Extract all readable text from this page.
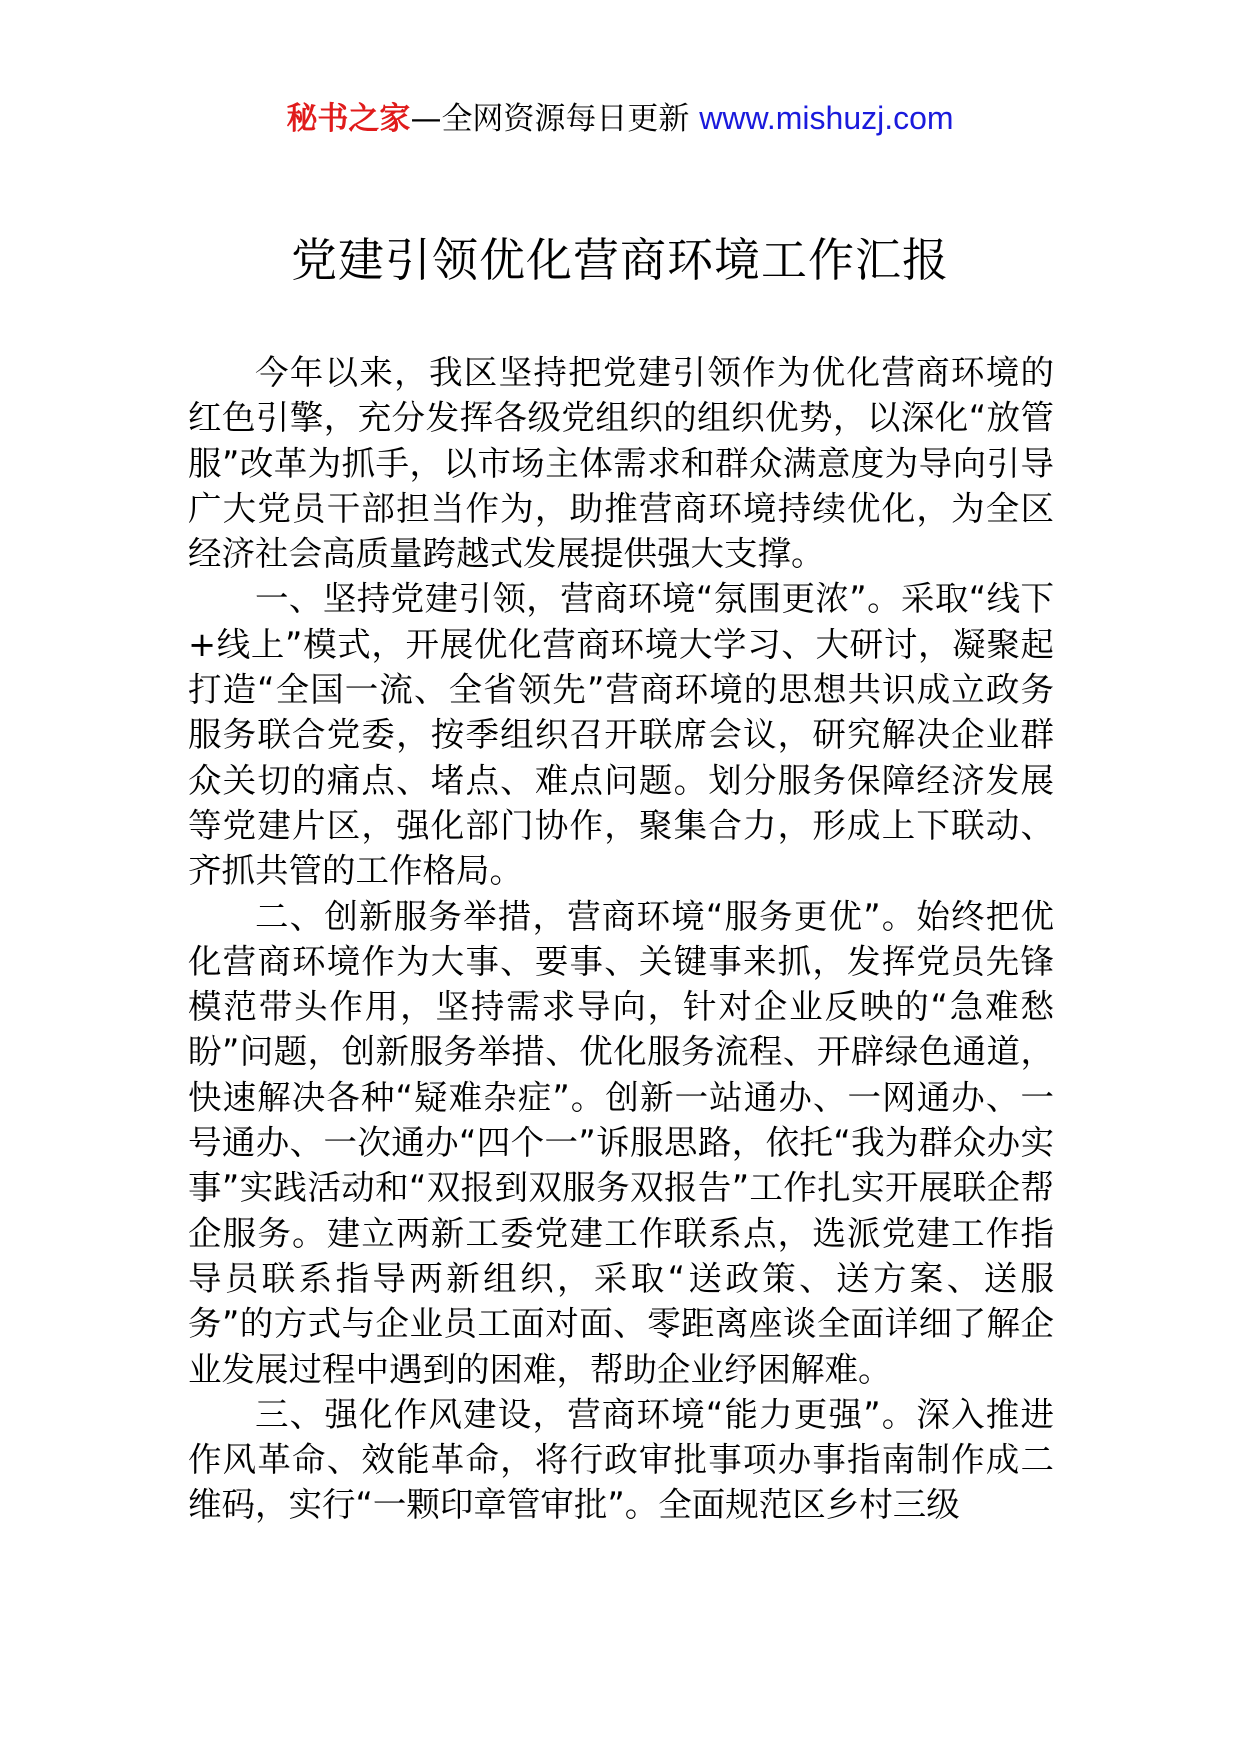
秘书之家—全网资源每日更新 www.mishuzj.com
党建引领优化营商环境工作汇报

今年以来，我区坚持把党建引领作为优化营商环境的红色引擎，充分发挥各级党组织的组织优势，以深化“放管服”改革为抓手，以市场主体需求和群众满意度为导向引导广大党员干部担当作为，助推营商环境持续优化，为全区经济社会高质量跨越式发展提供强大支撑。

一、坚持党建引领，营商环境“氛围更浓”。采取“线下+线上”模式，开展优化营商环境大学习、大研讨，凝聚起打造“全国一流、全省领先”营商环境的思想共识成立政务服务联合党委，按季组织召开联席会议，研究解决企业群众关切的痛点、堵点、难点问题。划分服务保障经济发展等党建片区，强化部门协作，聚集合力，形成上下联动、齐抓共管的工作格局。

二、创新服务举措，营商环境“服务更优”。始终把优化营商环境作为大事、要事、关键事来抓，发挥党员先锋模范带头作用，坚持需求导向，针对企业反映的“急难愁盼”问题，创新服务举措、优化服务流程、开辟绿色通道，快速解决各种“疑难杂症”。创新一站通办、一网通办、一号通办、一次通办“四个一”诉服思路，依托“我为群众办实事”实践活动和“双报到双服务双报告”工作扎实开展联企帮企服务。建立两新工委党建工作联系点，选派党建工作指导员联系指导两新组织，采取“送政策、送方案、送服务”的方式与企业员工面对面、零距离座谈全面详细了解企业发展过程中遇到的困难，帮助企业纾困解难。

三、强化作风建设，营商环境“能力更强”。深入推进作风革命、效能革命，将行政审批事项办事指南制作成二维码，实行“一颗印章管审批”。全面规范区乡村三级
